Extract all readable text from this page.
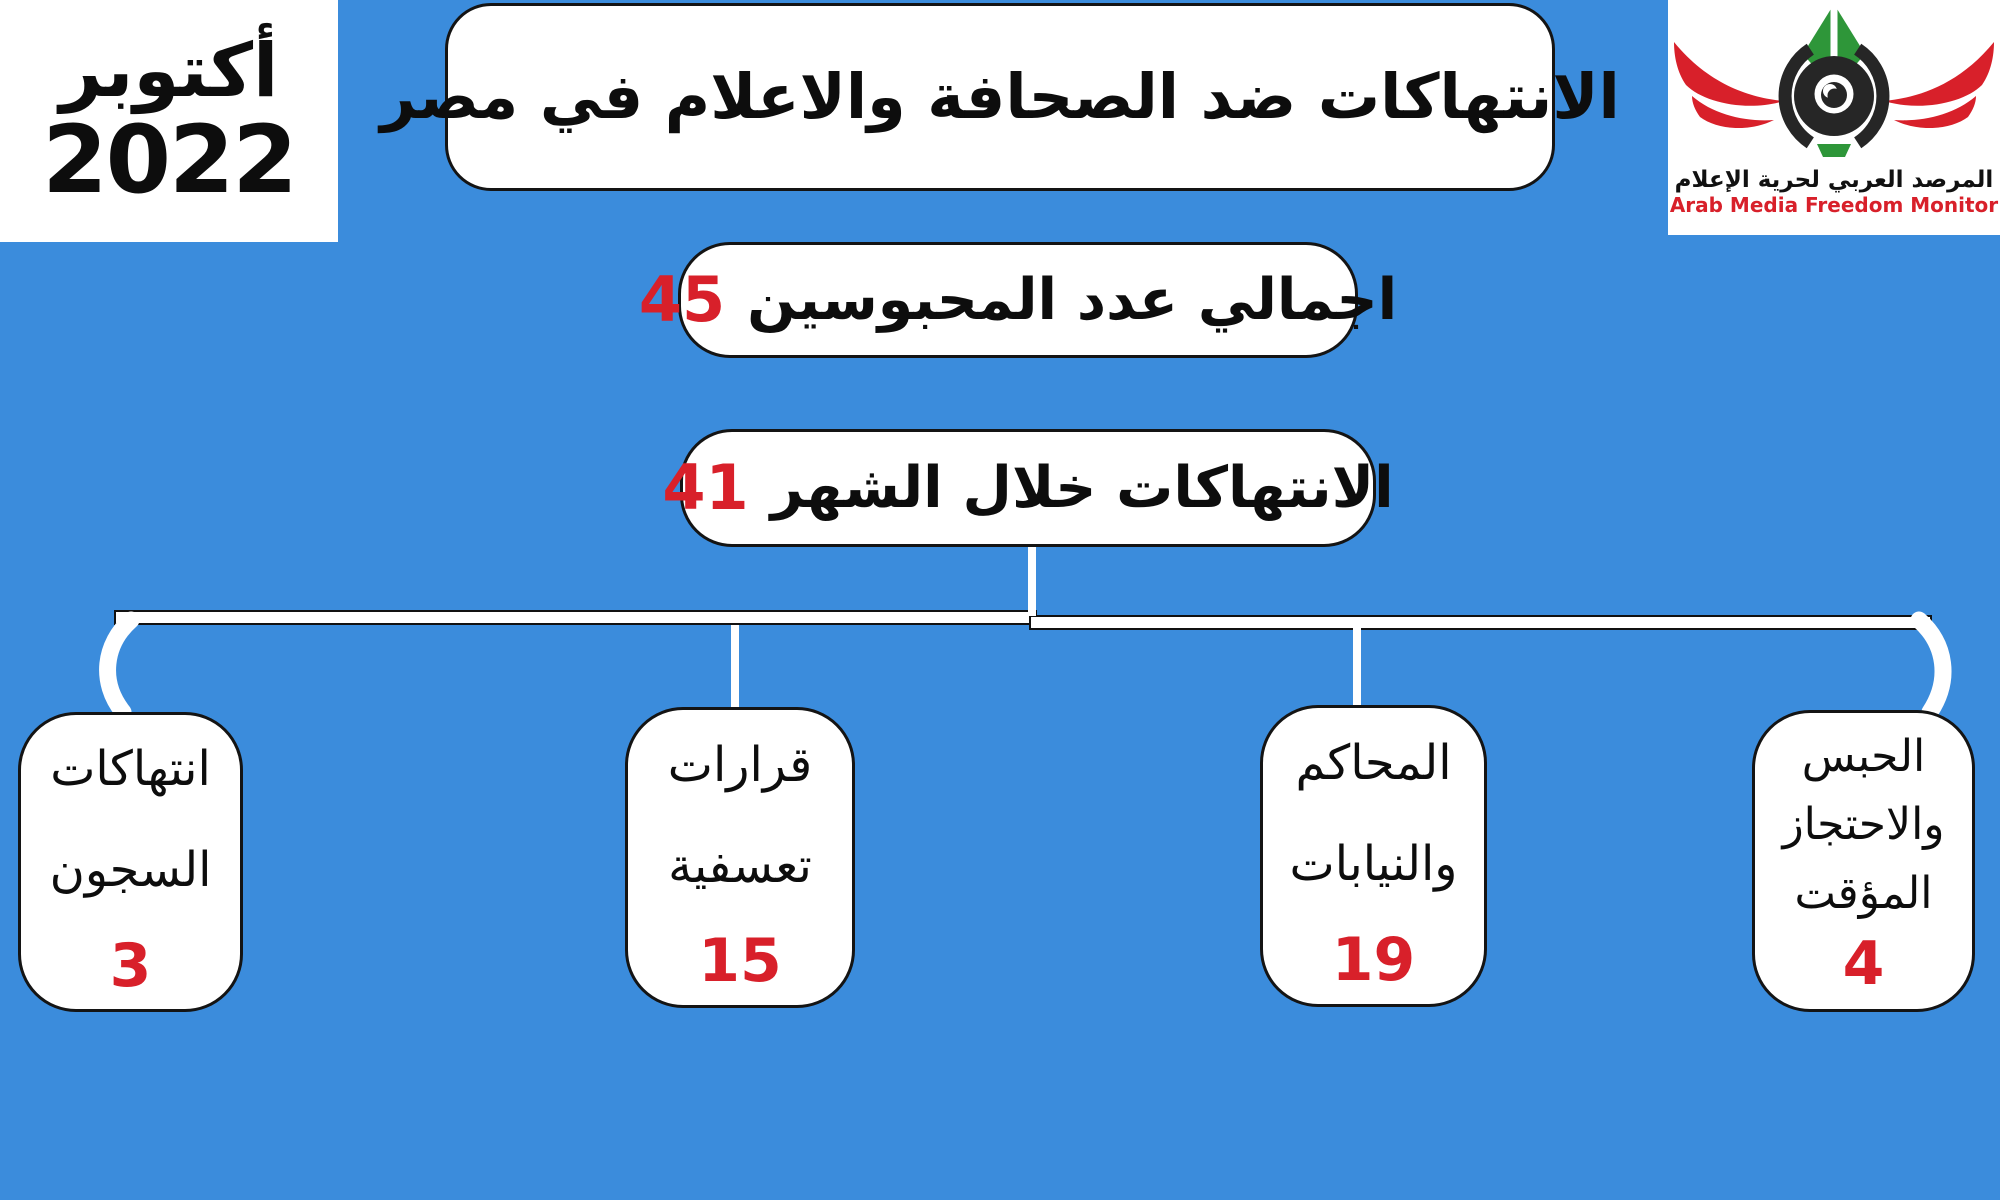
أكتوبر
2022
الانتهاكات ضد الصحافة والاعلام في مصر
المرصد العربي لحرية الإعلام
Arab Media Freedom Monitor
اجمالي عدد المحبوسين
45
الانتهاكات خلال الشهر
41
انتهاكات
السجون
3
قرارات
تعسفية
15
المحاكم
والنيابات
19
الحبس
والاحتجاز
المؤقت
4
